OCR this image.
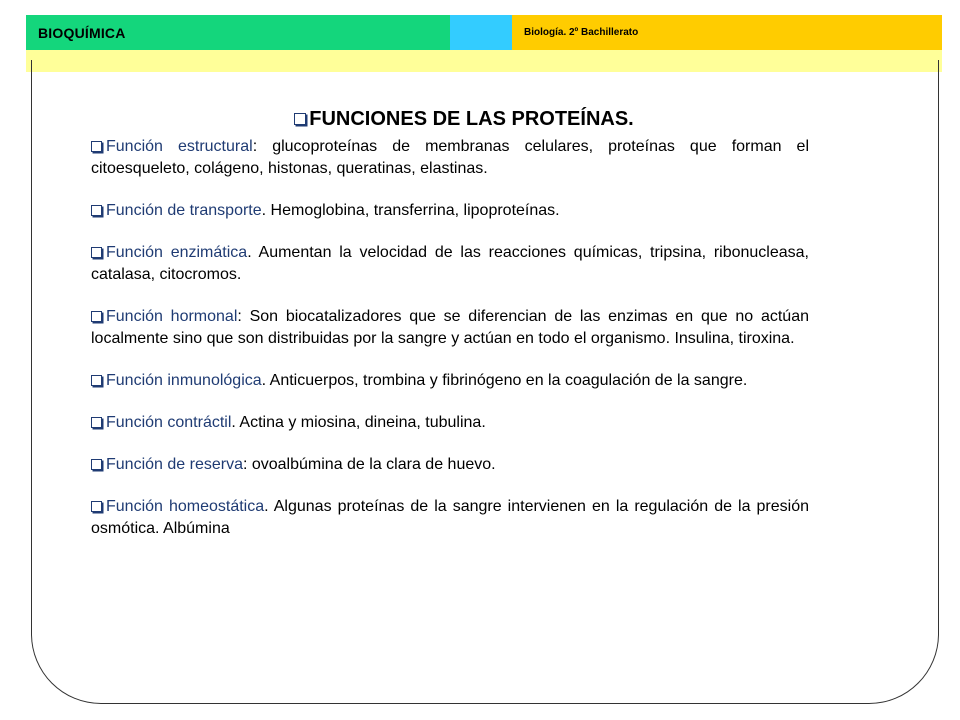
BIOQUÍMICA	Biología. 2º Bachillerato
FUNCIONES DE LAS PROTEÍNAS.
Función estructural: glucoproteínas de membranas celulares, proteínas que forman el citoesqueleto, colágeno, histonas, queratinas, elastinas.
Función de transporte. Hemoglobina, transferrina, lipoproteínas.
Función enzimática. Aumentan la velocidad de las reacciones químicas, tripsina, ribonucleasa, catalasa, citocromos.
Función hormonal: Son biocatalizadores que se diferencian de las enzimas en que no actúan localmente sino que son distribuidas por la sangre y actúan en todo el organismo. Insulina, tiroxina.
Función inmunológica. Anticuerpos, trombina y fibrinógeno en la coagulación de la sangre.
Función contráctil. Actina y miosina, dineina, tubulina.
Función de reserva: ovoalbúmina de la clara de huevo.
Función homeostática. Algunas proteínas de la sangre intervienen en la regulación de la presión osmótica. Albúmina
